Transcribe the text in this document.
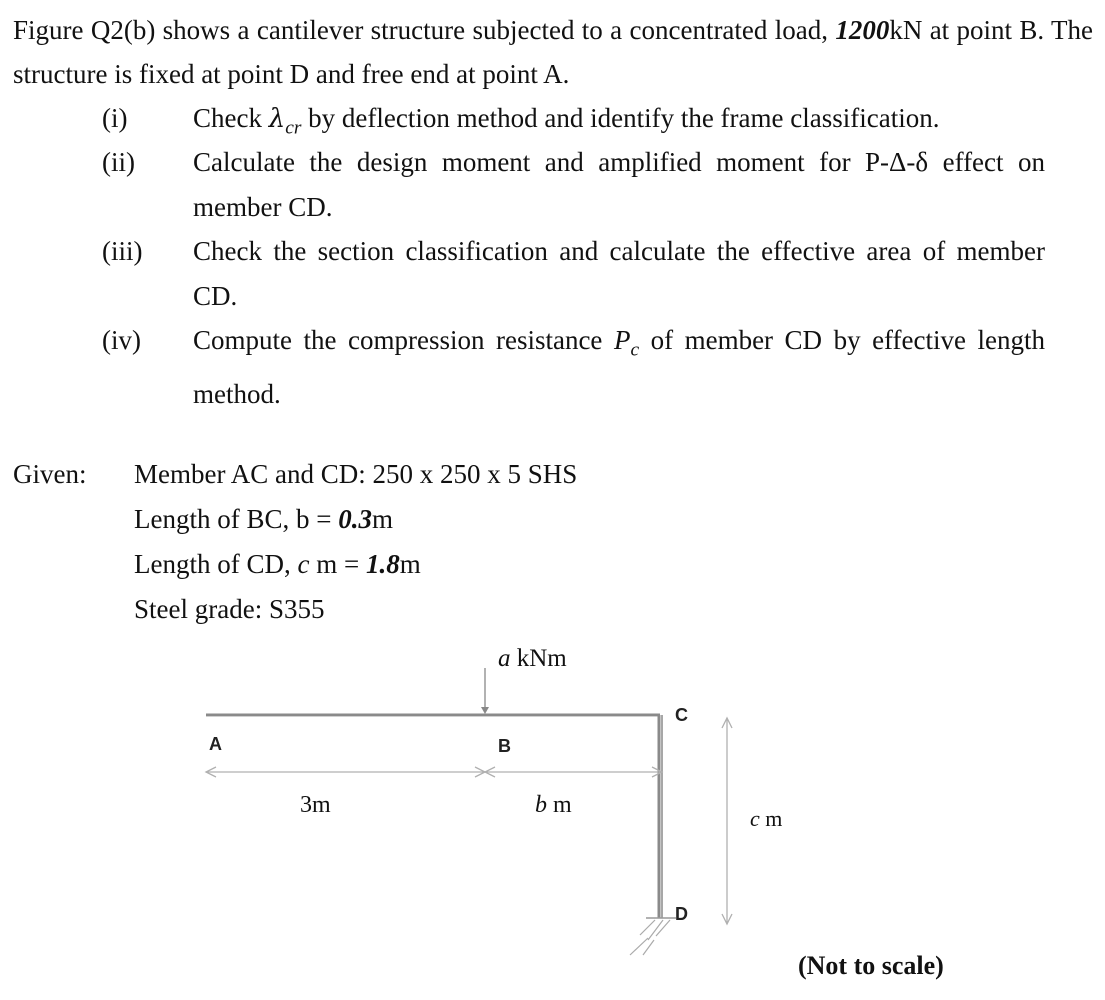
Figure Q2(b) shows a cantilever structure subjected to a concentrated load, 1200kN at point B. The structure is fixed at point D and free end at point A.
(i) Check $\lambda_{cr}$ by deflection method and identify the frame classification.
(ii) Calculate the design moment and amplified moment for P-Δ-δ effect on member CD.
(iii) Check the section classification and calculate the effective area of member CD.
(iv) Compute the compression resistance $P_c$ of member CD by effective length method.
Given: Member AC and CD: 250 x 250 x 5 SHS
Length of BC, b = 0.3m
Length of CD, c m = 1.8m
Steel grade: S355
a kNm
A	B
C
D
3m	b m
c m
(Not to scale)
